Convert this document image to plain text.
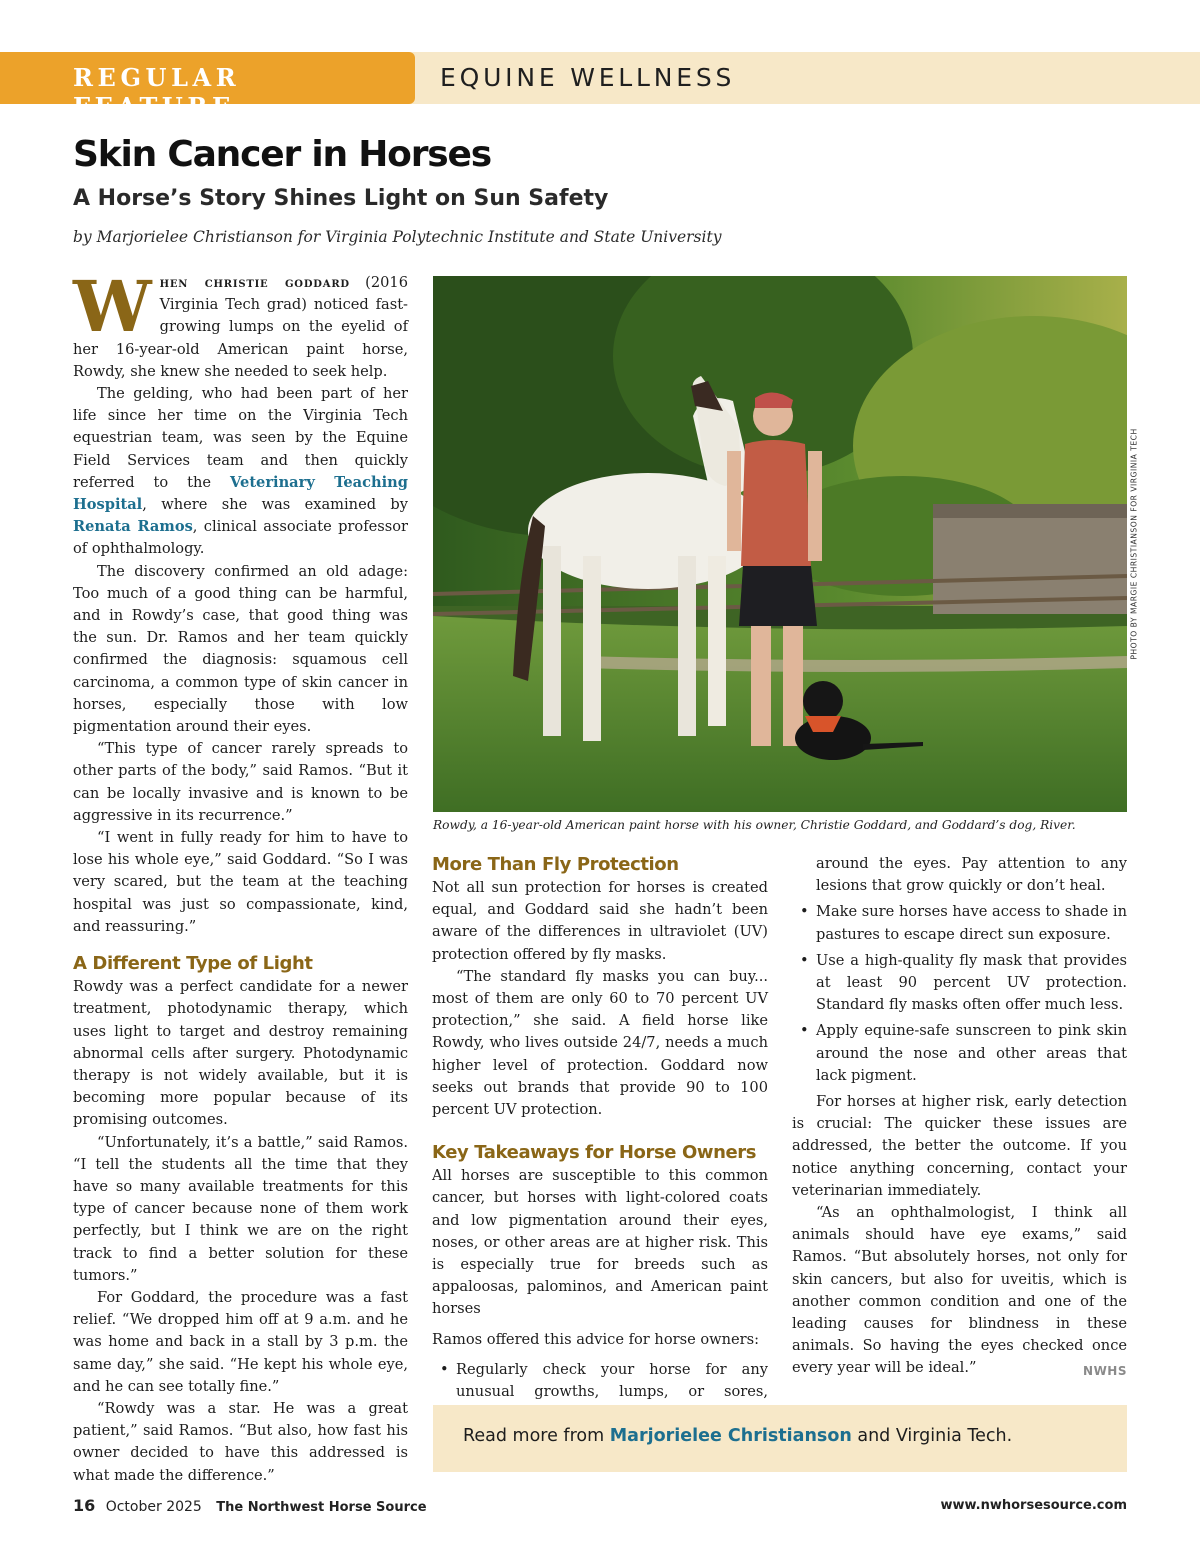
REGULAR FEATURE
EQUINE WELLNESS
Skin Cancer in Horses
A Horse’s Story Shines Light on Sun Safety
by Marjorielee Christianson for Virginia Polytechnic Institute and State University

When christie goddard (2016 Virginia Tech grad) noticed fast-growing lumps on the eyelid of her 16-year-old American paint horse, Rowdy, she knew she needed to seek help.

The gelding, who had been part of her life since her time on the Virginia Tech equestrian team, was seen by the Equine Field Services team and then quickly referred to the Veterinary Teaching Hospital, where she was examined by Renata Ramos, clinical associate professor of ophthalmology.

The discovery confirmed an old adage: Too much of a good thing can be harmful, and in Rowdy’s case, that good thing was the sun. Dr. Ramos and her team quickly confirmed the diagnosis: squamous cell carcinoma, a common type of skin cancer in horses, especially those with low pigmentation around their eyes.

“This type of cancer rarely spreads to other parts of the body,” said Ramos. “But it can be locally invasive and is known to be aggressive in its recurrence.”

“I went in fully ready for him to have to lose his whole eye,” said Goddard. “So I was very scared, but the team at the teaching hospital was just so compassionate, kind, and reassuring.”

A Different Type of Light

Rowdy was a perfect candidate for a newer treatment, photodynamic therapy, which uses light to target and destroy remaining abnormal cells after surgery. Photodynamic therapy is not widely available, but it is becoming more popular because of its promising outcomes.

“Unfortunately, it’s a battle,” said Ramos. “I tell the students all the time that they have so many available treatments for this type of cancer because none of them work perfectly, but I think we are on the right track to find a better solution for these tumors.”

For Goddard, the procedure was a fast relief. “We dropped him off at 9 a.m. and he was home and back in a stall by 3 p.m. the same day,” she said. “He kept his whole eye, and he can see totally fine.”

“Rowdy was a star. He was a great patient,” said Ramos. “But also, how fast his owner decided to have this addressed is what made the difference.”

PHOTO BY MARGIE CHRISTIANSON FOR VIRGINIA TECH
Rowdy, a 16-year-old American paint horse with his owner, Christie Goddard, and Goddard’s dog, River.
More Than Fly Protection

Not all sun protection for horses is created equal, and Goddard said she hadn’t been aware of the differences in ultraviolet (UV) protection offered by fly masks.

“The standard fly masks you can buy... most of them are only 60 to 70 percent UV protection,” she said. A field horse like Rowdy, who lives outside 24/7, needs a much higher level of protection. Goddard now seeks out brands that provide 90 to 100 percent UV protection.

Key Takeaways for Horse Owners

All horses are susceptible to this common cancer, but horses with light-colored coats and low pigmentation around their eyes, noses, or other areas are at higher risk. This is especially true for breeds such as appaloosas, palominos, and American paint horses

Ramos offered this advice for horse owners:

• Regularly check your horse for any unusual growths, lumps, or sores,

around the eyes. Pay attention to any lesions that grow quickly or don’t heal.

• Make sure horses have access to shade in pastures to escape direct sun exposure.
• Use a high-quality fly mask that provides at least 90 percent UV protection. Standard fly masks often offer much less.
• Apply equine-safe sunscreen to pink skin around the nose and other areas that lack pigment.

For horses at higher risk, early detection is crucial: The quicker these issues are addressed, the better the outcome. If you notice anything concerning, contact your veterinarian immediately.

“As an ophthalmologist, I think all animals should have eye exams,” said Ramos. “But absolutely horses, not only for skin cancers, but also for uveitis, which is another common condition and one of the leading causes for blindness in these animals. So having the eyes checked once every year will be ideal.”	NWHS

Read more from Marjorielee Christianson and Virginia Tech.
16 October 2025 The Northwest Horse Source	www.nwhorsesource.com
